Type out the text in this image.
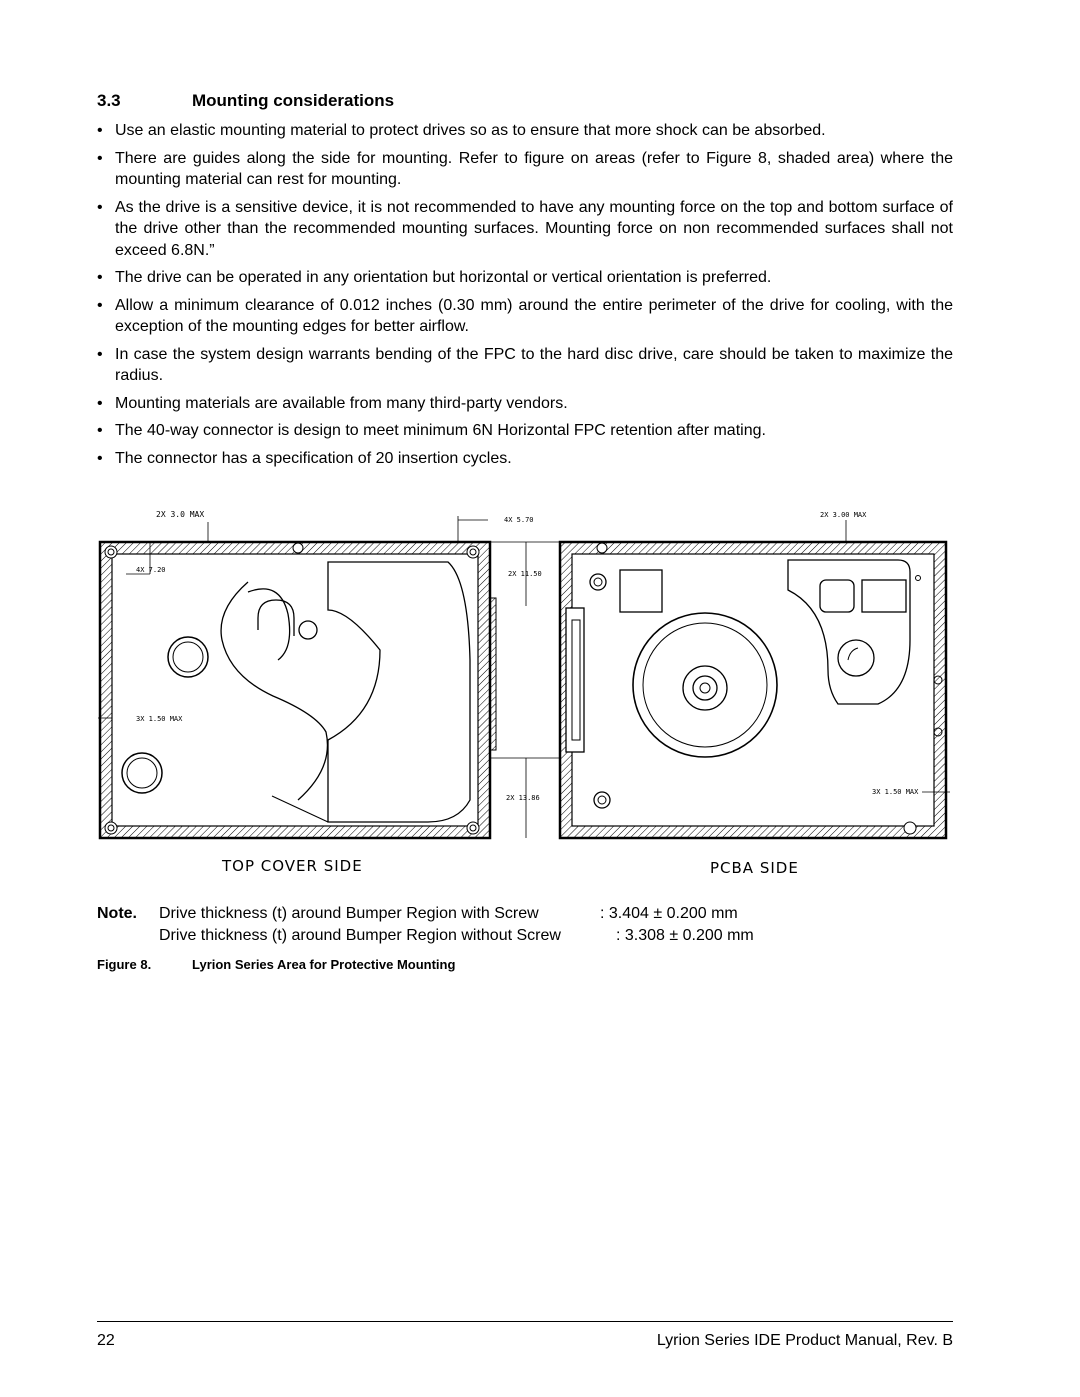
3.3	Mounting considerations
• Use an elastic mounting material to protect drives so as to ensure that more shock can be absorbed.
• There are guides along the side for mounting. Refer to figure on areas (refer to Figure 8, shaded area) where the mounting material can rest for mounting.
• As the drive is a sensitive device, it is not recommended to have any mounting force on the top and bottom surface of the drive other than the recommended mounting surfaces. Mounting force on non recommended surfaces shall not exceed 6.8N.”
• The drive can be operated in any orientation but horizontal or vertical orientation is preferred.
• Allow a minimum clearance of 0.012 inches (0.30 mm) around the entire perimeter of the drive for cooling, with the exception of the mounting edges for better airflow.
• In case the system design warrants bending of the FPC to the hard disc drive, care should be taken to maximize the radius.
• Mounting materials are available from many third-party vendors.
• The 40-way connector is design to meet minimum 6N Horizontal FPC retention after mating.
• The connector has a specification of 20 insertion cycles.
2X 3.0 MAX
4X 7.20
3X 1.50 MAX
4X 5.70
2X 11.50
2X 13.86
2X 3.00 MAX
3X 1.50 MAX
TOP COVER SIDE	PCBA SIDE
Note. Drive thickness (t) around Bumper Region with Screw	: 3.404 ± 0.200 mm
Drive thickness (t) around Bumper Region without Screw	: 3.308 ± 0.200 mm
Figure 8.	Lyrion Series Area for Protective Mounting
22	Lyrion Series IDE Product Manual, Rev. B
